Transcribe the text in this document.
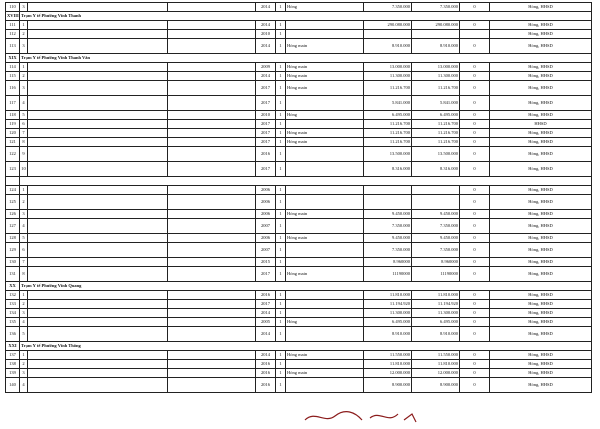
110	3			2014	1	Hỏng	7.350.000	7.350.000	0	Hỏng, HHSD
XVIII	Trạm Y tế Phường Vĩnh Thanh									
111	1			2014	1		290.080.000	290.080.000	0	Hỏng, HHSD
112	2			2010	1					Hỏng, HHSD
113	3			2014	1	Hỏng main	8.910.000	8.910.000	0	Hỏng, HHSD
XIX	Trạm Y tế Phường Vĩnh Thanh Vân									
114	1			2009	1	Hỏng main	13.000.000	13.000.000	0	Hỏng, HHSD
115	2			2014	1	Hỏng main	11.300.000	11.300.000	0	Hỏng, HHSD
116	3			2017	1	Hỏng main	11.216.700	11.216.700	0	Hỏng, HHSD
117	4			2017	1		5.841.000	5.841.000	0	Hỏng, HHSD
118	5			2010	1	Hỏng	6.495.000	6.495.000	0	Hỏng, HHSD
119	6			2017	1		11.216.700	11.216.700	0	HHSD
120	7			2017	1	Hỏng main	11.216.700	11.216.700	0	Hỏng, HHSD
121	8			2017	1	Hỏng main	11.216.700	11.216.700	0	Hỏng, HHSD
122	9			2016	1		13.500.000	13.500.000	0	Hỏng, HHSD
123	10			2017	1		8.316.000	8.316.000	0	Hỏng, HHSD

124	1			2006	1				0	Hỏng, HHSD
125	2			2006	1				0	Hỏng, HHSD
126	3			2006	1	Hỏng main	9.450.000	9.450.000	0	Hỏng, HHSD
127	4			2007	1		7.350.000	7.350.000	0	Hỏng, HHSD
128	5			2006	1	Hỏng main	9.450.000	9.450.000	0	Hỏng, HHSD
129	6			2007	1		7.350.000	7.350.000	0	Hỏng, HHSD
130	7			2015	1		8.960000	8.960000	0	Hỏng, HHSD
131	8			2017	1	Hỏng main	11190000	11190000	0	Hỏng, HHSD
XX	Trạm Y tế Phường Vĩnh Quang									
132	1			2016	1		11.810.000	11.810.000	0	Hỏng, HHSD
133	2			2017	1		11.194.920	11.194.920	0	Hỏng, HHSD
134	3			2014	1		11.300.000	11.300.000	0	Hỏng, HHSD
135	4			2005	1	Hỏng	6.495.000	6.495.000	0	Hỏng, HHSD
136	5			2014	1		8.910.000	8.910.000	0	Hỏng, HHSD
XXI	Trạm Y tế Phường Vĩnh Thông									
137	1			2014	1	Hỏng main	11.550.000	11.550.000	0	Hỏng, HHSD
138	2			2016	1		11.810.000	11.810.000	0	Hỏng, HHSD
139	3			2016	1	Hỏng main	12.000.000	12.000.000	0	Hỏng, HHSD
140	4			2016	1		8.900.000	8.900.000	0	Hỏng, HHSD
